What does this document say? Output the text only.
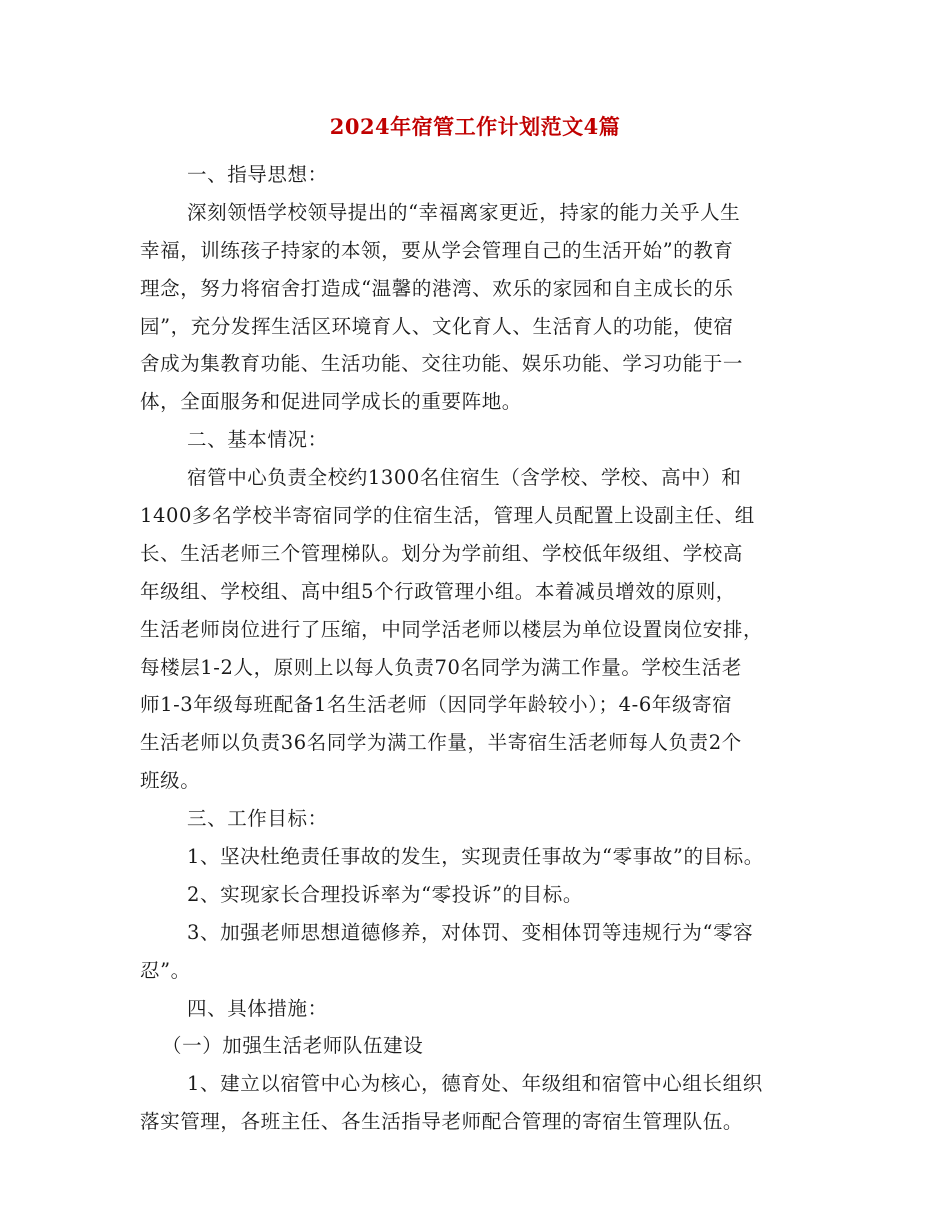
2024年宿管工作计划范文4篇
一、指导思想：
深刻领悟学校领导提出的“幸福离家更近，持家的能力关乎人生
幸福，训练孩子持家的本领，要从学会管理自己的生活开始”的教育
理念，努力将宿舍打造成“温馨的港湾、欢乐的家园和自主成长的乐
园”，充分发挥生活区环境育人、文化育人、生活育人的功能，使宿
舍成为集教育功能、生活功能、交往功能、娱乐功能、学习功能于一
体，全面服务和促进同学成长的重要阵地。
二、基本情况：
宿管中心负责全校约1300名住宿生（含学校、学校、高中）和
1400多名学校半寄宿同学的住宿生活，管理人员配置上设副主任、组
长、生活老师三个管理梯队。划分为学前组、学校低年级组、学校高
年级组、学校组、高中组5个行政管理小组。本着减员增效的原则，
生活老师岗位进行了压缩，中同学活老师以楼层为单位设置岗位安排，
每楼层1-2人，原则上以每人负责70名同学为满工作量。学校生活老
师1-3年级每班配备1名生活老师（因同学年龄较小）；4-6年级寄宿
生活老师以负责36名同学为满工作量，半寄宿生活老师每人负责2个
班级。
三、工作目标：
1、坚决杜绝责任事故的发生，实现责任事故为“零事故”的目标。
2、实现家长合理投诉率为“零投诉”的目标。
3、加强老师思想道德修养，对体罚、变相体罚等违规行为“零容
忍”。
四、具体措施：
（一）加强生活老师队伍建设
1、建立以宿管中心为核心，德育处、年级组和宿管中心组长组织
落实管理，各班主任、各生活指导老师配合管理的寄宿生管理队伍。
